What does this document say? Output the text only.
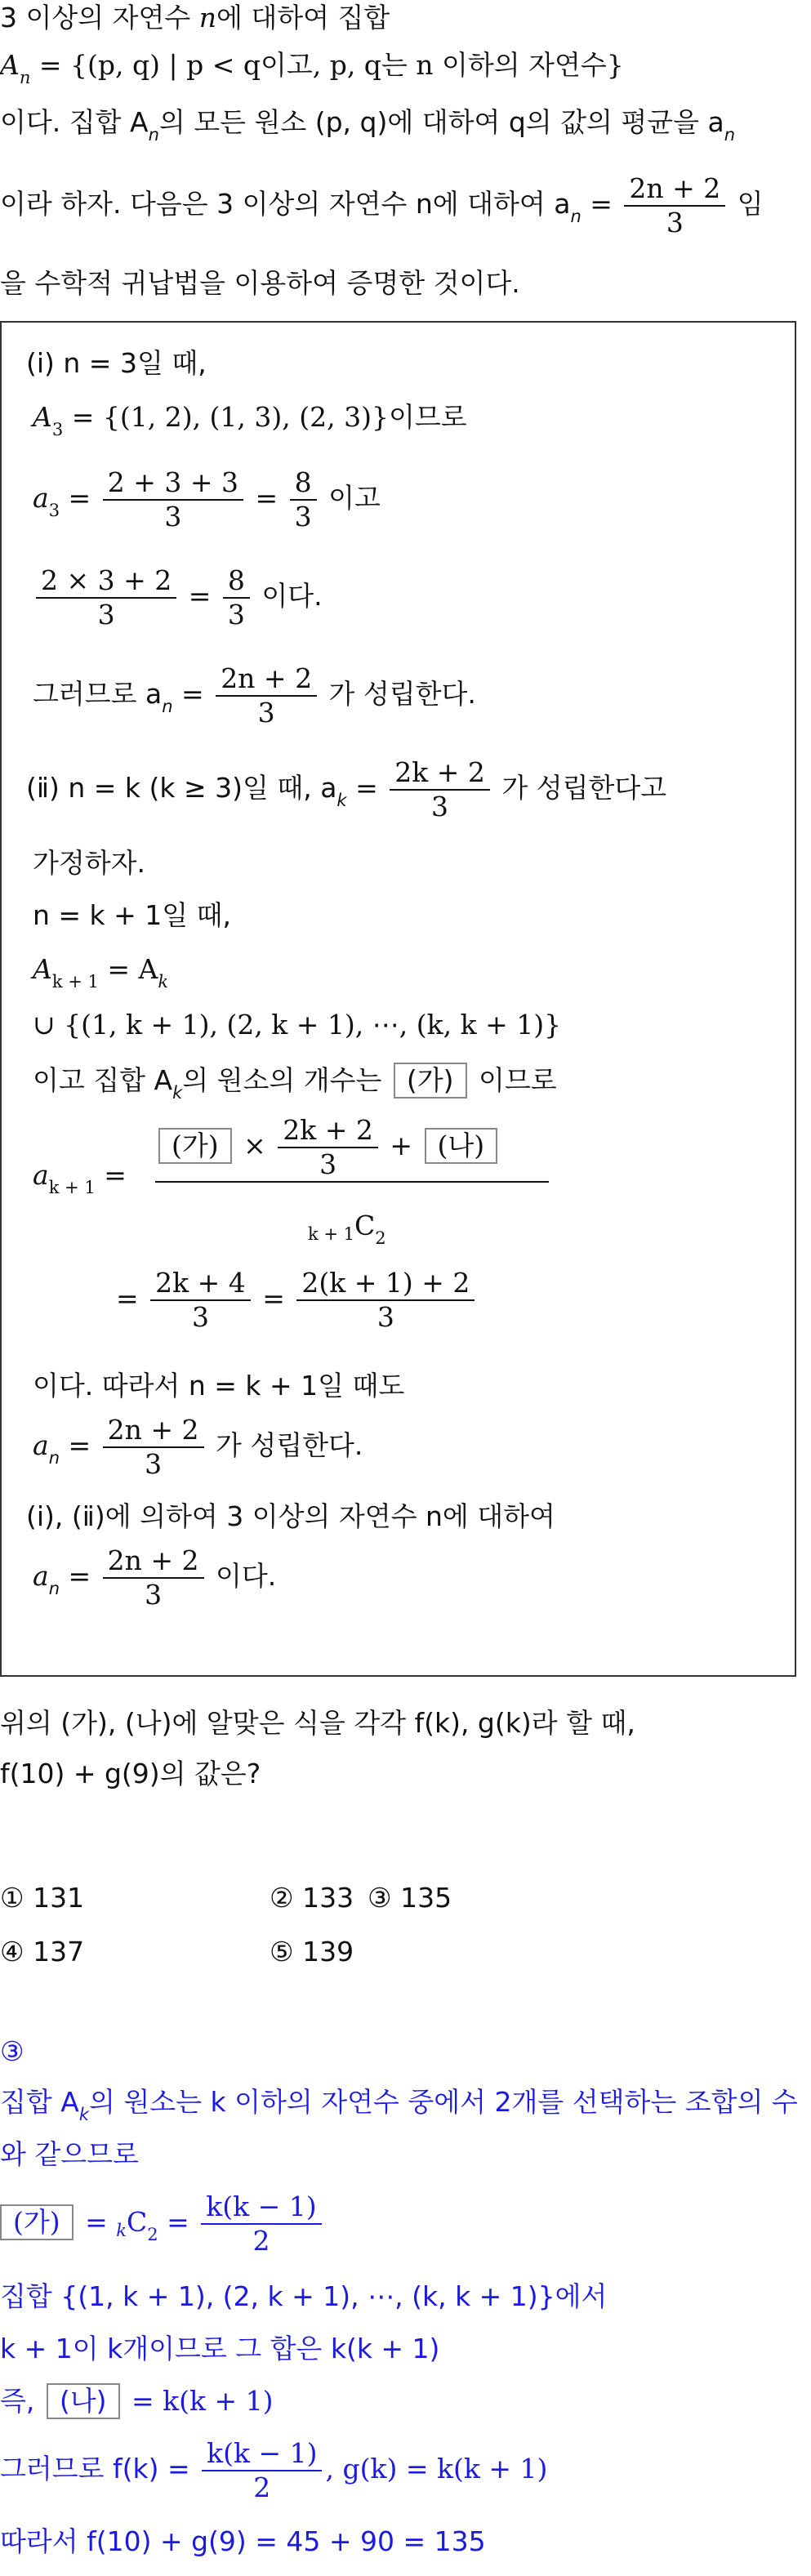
3 이상의 자연수 n에 대하여 집합
$A_n = \{(p$, q) | p < q이고, p, q는 n 이하의 자연수}
이다. 집합 $A_n$의 모든 원소 (p, q)에 대하여 q의 값의 평균을 $a_n$
이라 하자. 다음은 3 이상의 자연수 n에 대하여 $a_n = \frac{2n + 2}{3}$ 임
을 수학적 귀납법을 이용하여 증명한 것이다.
(ⅰ) n = 3일 때,
$A_3 = \{(1$, 2), (1, 3), (2, 3)}이므로
$a_3 = \frac{2 + 3 + 3}{3} = \frac{8}{3}$ 이고
$\frac{2 \times 3 + 2}{3} = \frac{8}{3}$ 이다.
그러므로 $a_n = \frac{2n + 2}{3}$ 가 성립한다.
(ⅱ) n = k (k ≥ 3)일 때, $a_k = \frac{2k + 2}{3}$ 가 성립한다고
가정하자.
n = k + 1일 때,
$A_{k + 1} = A_k$
∪ {(1, k + 1), (2, k + 1), ⋯, (k, k + 1)}
이고 집합 $A_k$의 원소의 개수는 (가) 이므로
$a_{k + 1}$ =
(가) × $\frac{2k + 2}{3}$ + (나)
$k + 1C_2$
= $\frac{2k + 4}{3} = \frac{2(k + 1) + 2}{3}$
이다. 따라서 n = k + 1일 때도
$a_n = \frac{2n + 2}{3}$ 가 성립한다.
(ⅰ), (ⅱ)에 의하여 3 이상의 자연수 n에 대하여
$a_n = \frac{2n + 2}{3}$ 이다.
위의 (가), (나)에 알맞은 식을 각각 f(k), g(k)라 할 때,
f(10) + g(9)의 값은?
① 131	② 133 ③ 135
④ 137	⑤ 139
③
집합 $A_k$의 원소는 k 이하의 자연수 중에서 2개를 선택하는 조합의 수
와 같으므로
(가) = $kC_2 = \frac{k(k - 1)}{2}$
집합 {(1, k + 1), (2, k + 1), ⋯, (k, k + 1)}에서
k + 1이 k개이므로 그 합은 k(k + 1)
즉, (나) = k(k + 1)
그러므로 $f(k) = \frac{k(k - 1)}{2}$ , g(k) = k(k + 1)
따라서 f(10) + g(9) = 45 + 90 = 135
